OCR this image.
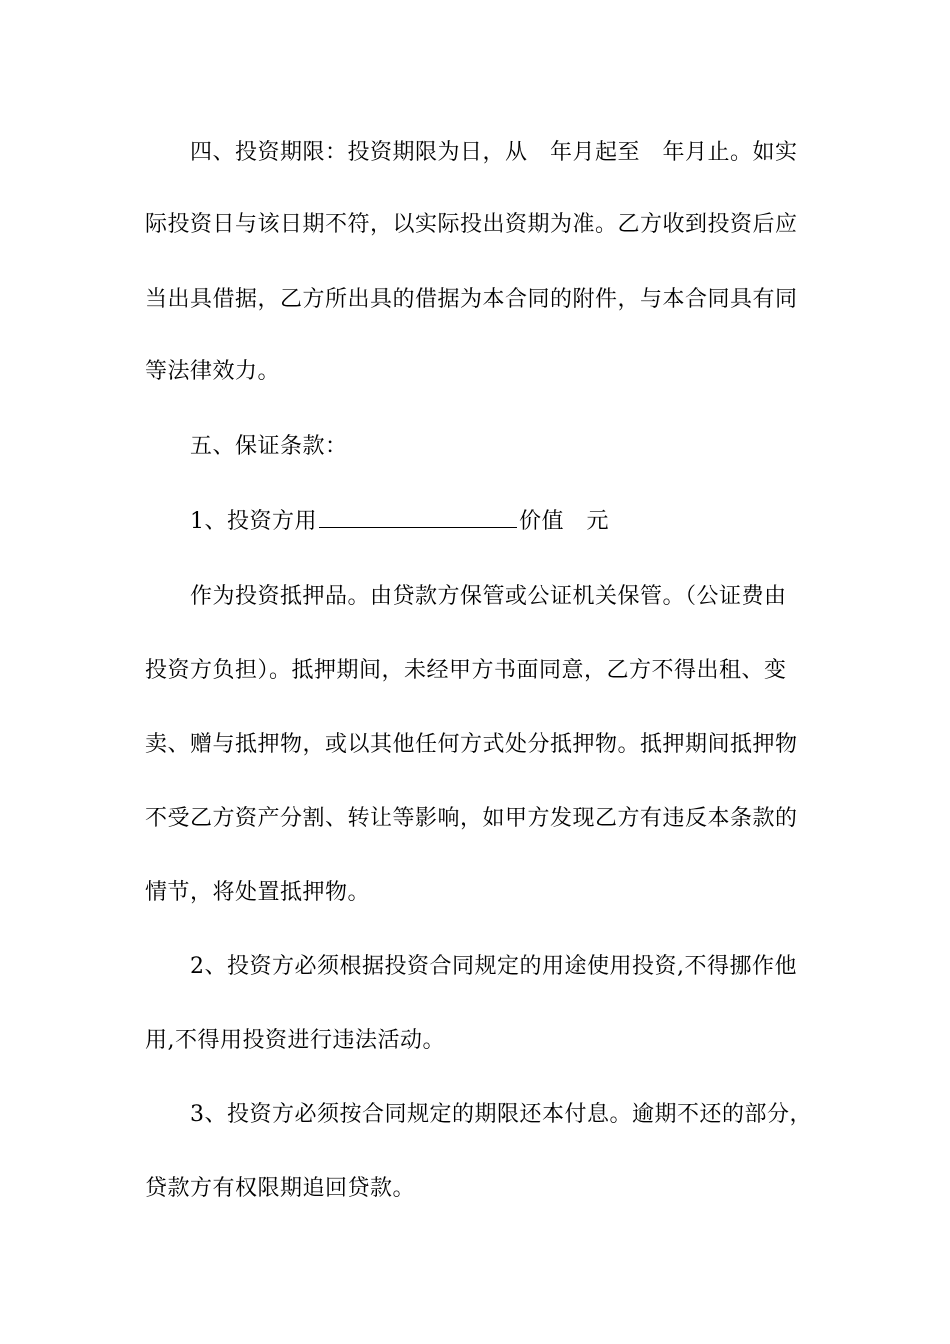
四、投资期限：投资期限为日，从　年月起至　年月止。如实
际投资日与该日期不符，以实际投出资期为准。乙方收到投资后应
当出具借据，乙方所出具的借据为本合同的附件，与本合同具有同
等法律效力。
五、保证条款：
1、投资方用	价值　元
作为投资抵押品。由贷款方保管或公证机关保管。（公证费由
投资方负担）。抵押期间，未经甲方书面同意，乙方不得出租、变
卖、赠与抵押物，或以其他任何方式处分抵押物。抵押期间抵押物
不受乙方资产分割、转让等影响，如甲方发现乙方有违反本条款的
情节，将处置抵押物。
2、投资方必须根据投资合同规定的用途使用投资,不得挪作他
用,不得用投资进行违法活动。
3、投资方必须按合同规定的期限还本付息。逾期不还的部分，
贷款方有权限期追回贷款。
